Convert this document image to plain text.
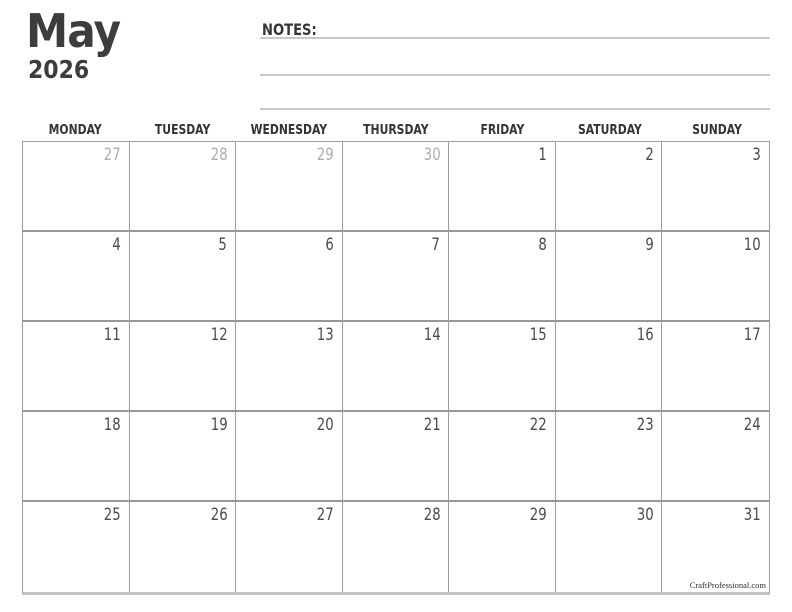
May
2026
NOTES:
MONDAY	TUESDAY	WEDNESDAY	THURSDAY	FRIDAY	SATURDAY	SUNDAY
27	28	29	30	1	2	3
4	5	6	7	8	9	10
11	12	13	14	15	16	17
18	19	20	21	22	23	24
25	26	27	28	29	30	31
CraftProfessional.com
